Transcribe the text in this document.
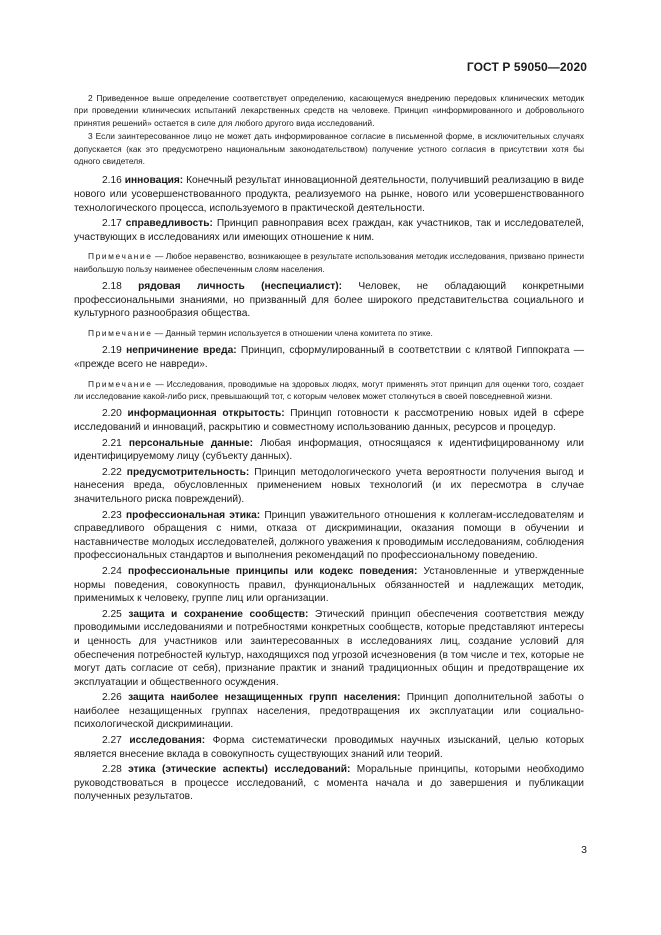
ГОСТ Р 59050—2020

2 Приведенное выше определение соответствует определению, касающемуся внедрению передовых клинических методик при проведении клинических испытаний лекарственных средств на человеке. Принцип «информированного и добровольного принятия решений» остается в силе для любого другого вида исследований.

3 Если заинтересованное лицо не может дать информированное согласие в письменной форме, в исключительных случаях допускается (как это предусмотрено национальным законодательством) получение устного согласия в присутствии хотя бы одного свидетеля.

2.16 инновация: Конечный результат инновационной деятельности, получивший реализацию в виде нового или усовершенствованного продукта, реализуемого на рынке, нового или усовершенствованного технологического процесса, используемого в практической деятельности.

2.17 справедливость: Принцип равноправия всех граждан, как участников, так и исследователей, участвующих в исследованиях или имеющих отношение к ним.

Примечание — Любое неравенство, возникающее в результате использования методик исследования, призвано принести наибольшую пользу наименее обеспеченным слоям населения.

2.18 рядовая личность (неспециалист): Человек, не обладающий конкретными профессиональными знаниями, но призванный для более широкого представительства социального и культурного разнообразия общества.

Примечание — Данный термин используется в отношении члена комитета по этике.

2.19 непричинение вреда: Принцип, сформулированный в соответствии с клятвой Гиппократа — «прежде всего не навреди».

Примечание — Исследования, проводимые на здоровых людях, могут применять этот принцип для оценки того, создает ли исследование какой-либо риск, превышающий тот, с которым человек может столкнуться в своей повседневной жизни.

2.20 информационная открытость: Принцип готовности к рассмотрению новых идей в сфере исследований и инноваций, раскрытию и совместному использованию данных, ресурсов и процедур.

2.21 персональные данные: Любая информация, относящаяся к идентифицированному или идентифицируемому лицу (субъекту данных).

2.22 предусмотрительность: Принцип методологического учета вероятности получения выгод и нанесения вреда, обусловленных применением новых технологий (и их пересмотра в случае значительного риска повреждений).

2.23 профессиональная этика: Принцип уважительного отношения к коллегам-исследователям и справедливого обращения с ними, отказа от дискриминации, оказания помощи в обучении и наставничестве молодых исследователей, должного уважения к проводимым исследованиям, соблюдения профессиональных стандартов и выполнения рекомендаций по профессиональному поведению.

2.24 профессиональные принципы или кодекс поведения: Установленные и утвержденные нормы поведения, совокупность правил, функциональных обязанностей и надлежащих методик, применимых к человеку, группе лиц или организации.

2.25 защита и сохранение сообществ: Этический принцип обеспечения соответствия между проводимыми исследованиями и потребностями конкретных сообществ, которые представляют интересы и ценность для участников или заинтересованных в исследованиях лиц, создание условий для обеспечения потребностей культур, находящихся под угрозой исчезновения (в том числе и тех, которые не могут дать согласие от себя), признание практик и знаний традиционных общин и предотвращение их эксплуатации и общественного осуждения.

2.26 защита наиболее незащищенных групп населения: Принцип дополнительной заботы о наиболее незащищенных группах населения, предотвращения их эксплуатации или социально-психологической дискриминации.

2.27 исследования: Форма систематически проводимых научных изысканий, целью которых является внесение вклада в совокупность существующих знаний или теорий.

2.28 этика (этические аспекты) исследований: Моральные принципы, которыми необходимо руководствоваться в процессе исследований, с момента начала и до завершения и публикации полученных результатов.

3
